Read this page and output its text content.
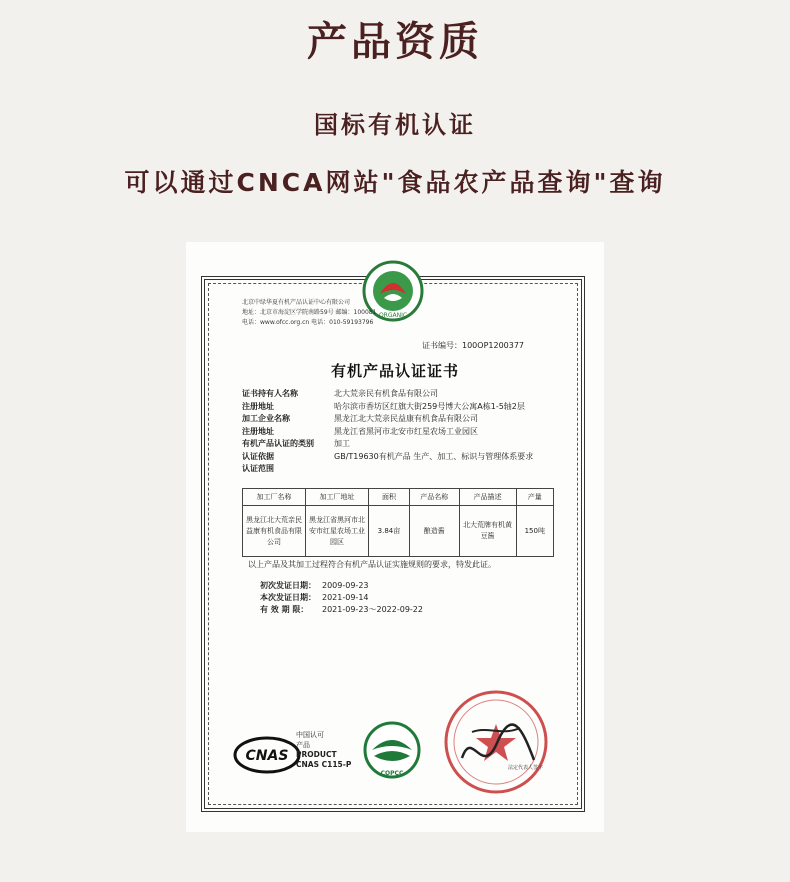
产品资质
国标有机认证
可以通过CNCA网站"食品农产品查询"查询
ORGANIC
北京中绿华夏有机产品认证中心有限公司
地址：北京市海淀区学院南路59号 邮编：100081
电话：www.ofcc.org.cn 电话：010-59193796
证书编号：100OP1200377
有机产品认证证书
证书持有人名称	北大荒亲民有机食品有限公司
注册地址	哈尔滨市香坊区红旗大街259号博大公寓A栋1-5轴2层
加工企业名称	黑龙江北大荒亲民益康有机食品有限公司
注册地址	黑龙江省黑河市北安市红星农场工业园区
有机产品认证的类别	加工
认证依据	GB/T19630有机产品 生产、加工、标识与管理体系要求
认证范围
加工厂名称	加工厂地址	面积	产品名称	产品描述	产量
黑龙江北大荒亲民益康有机食品有限公司	黑龙江省黑河市北安市红星农场工业园区	3.84亩	酿造酱	北大荒牌有机黄豆酱	150吨
以上产品及其加工过程符合有机产品认证实施规则的要求，特发此证。
初次发证日期： 2009-09-23
本次发证日期： 2021-09-14
有 效 期 限：	2021-09-23～2022-09-22
CNAS
中国认可
产品
PRODUCT
CNAS C115-P
COPCC
法定代表人签字
